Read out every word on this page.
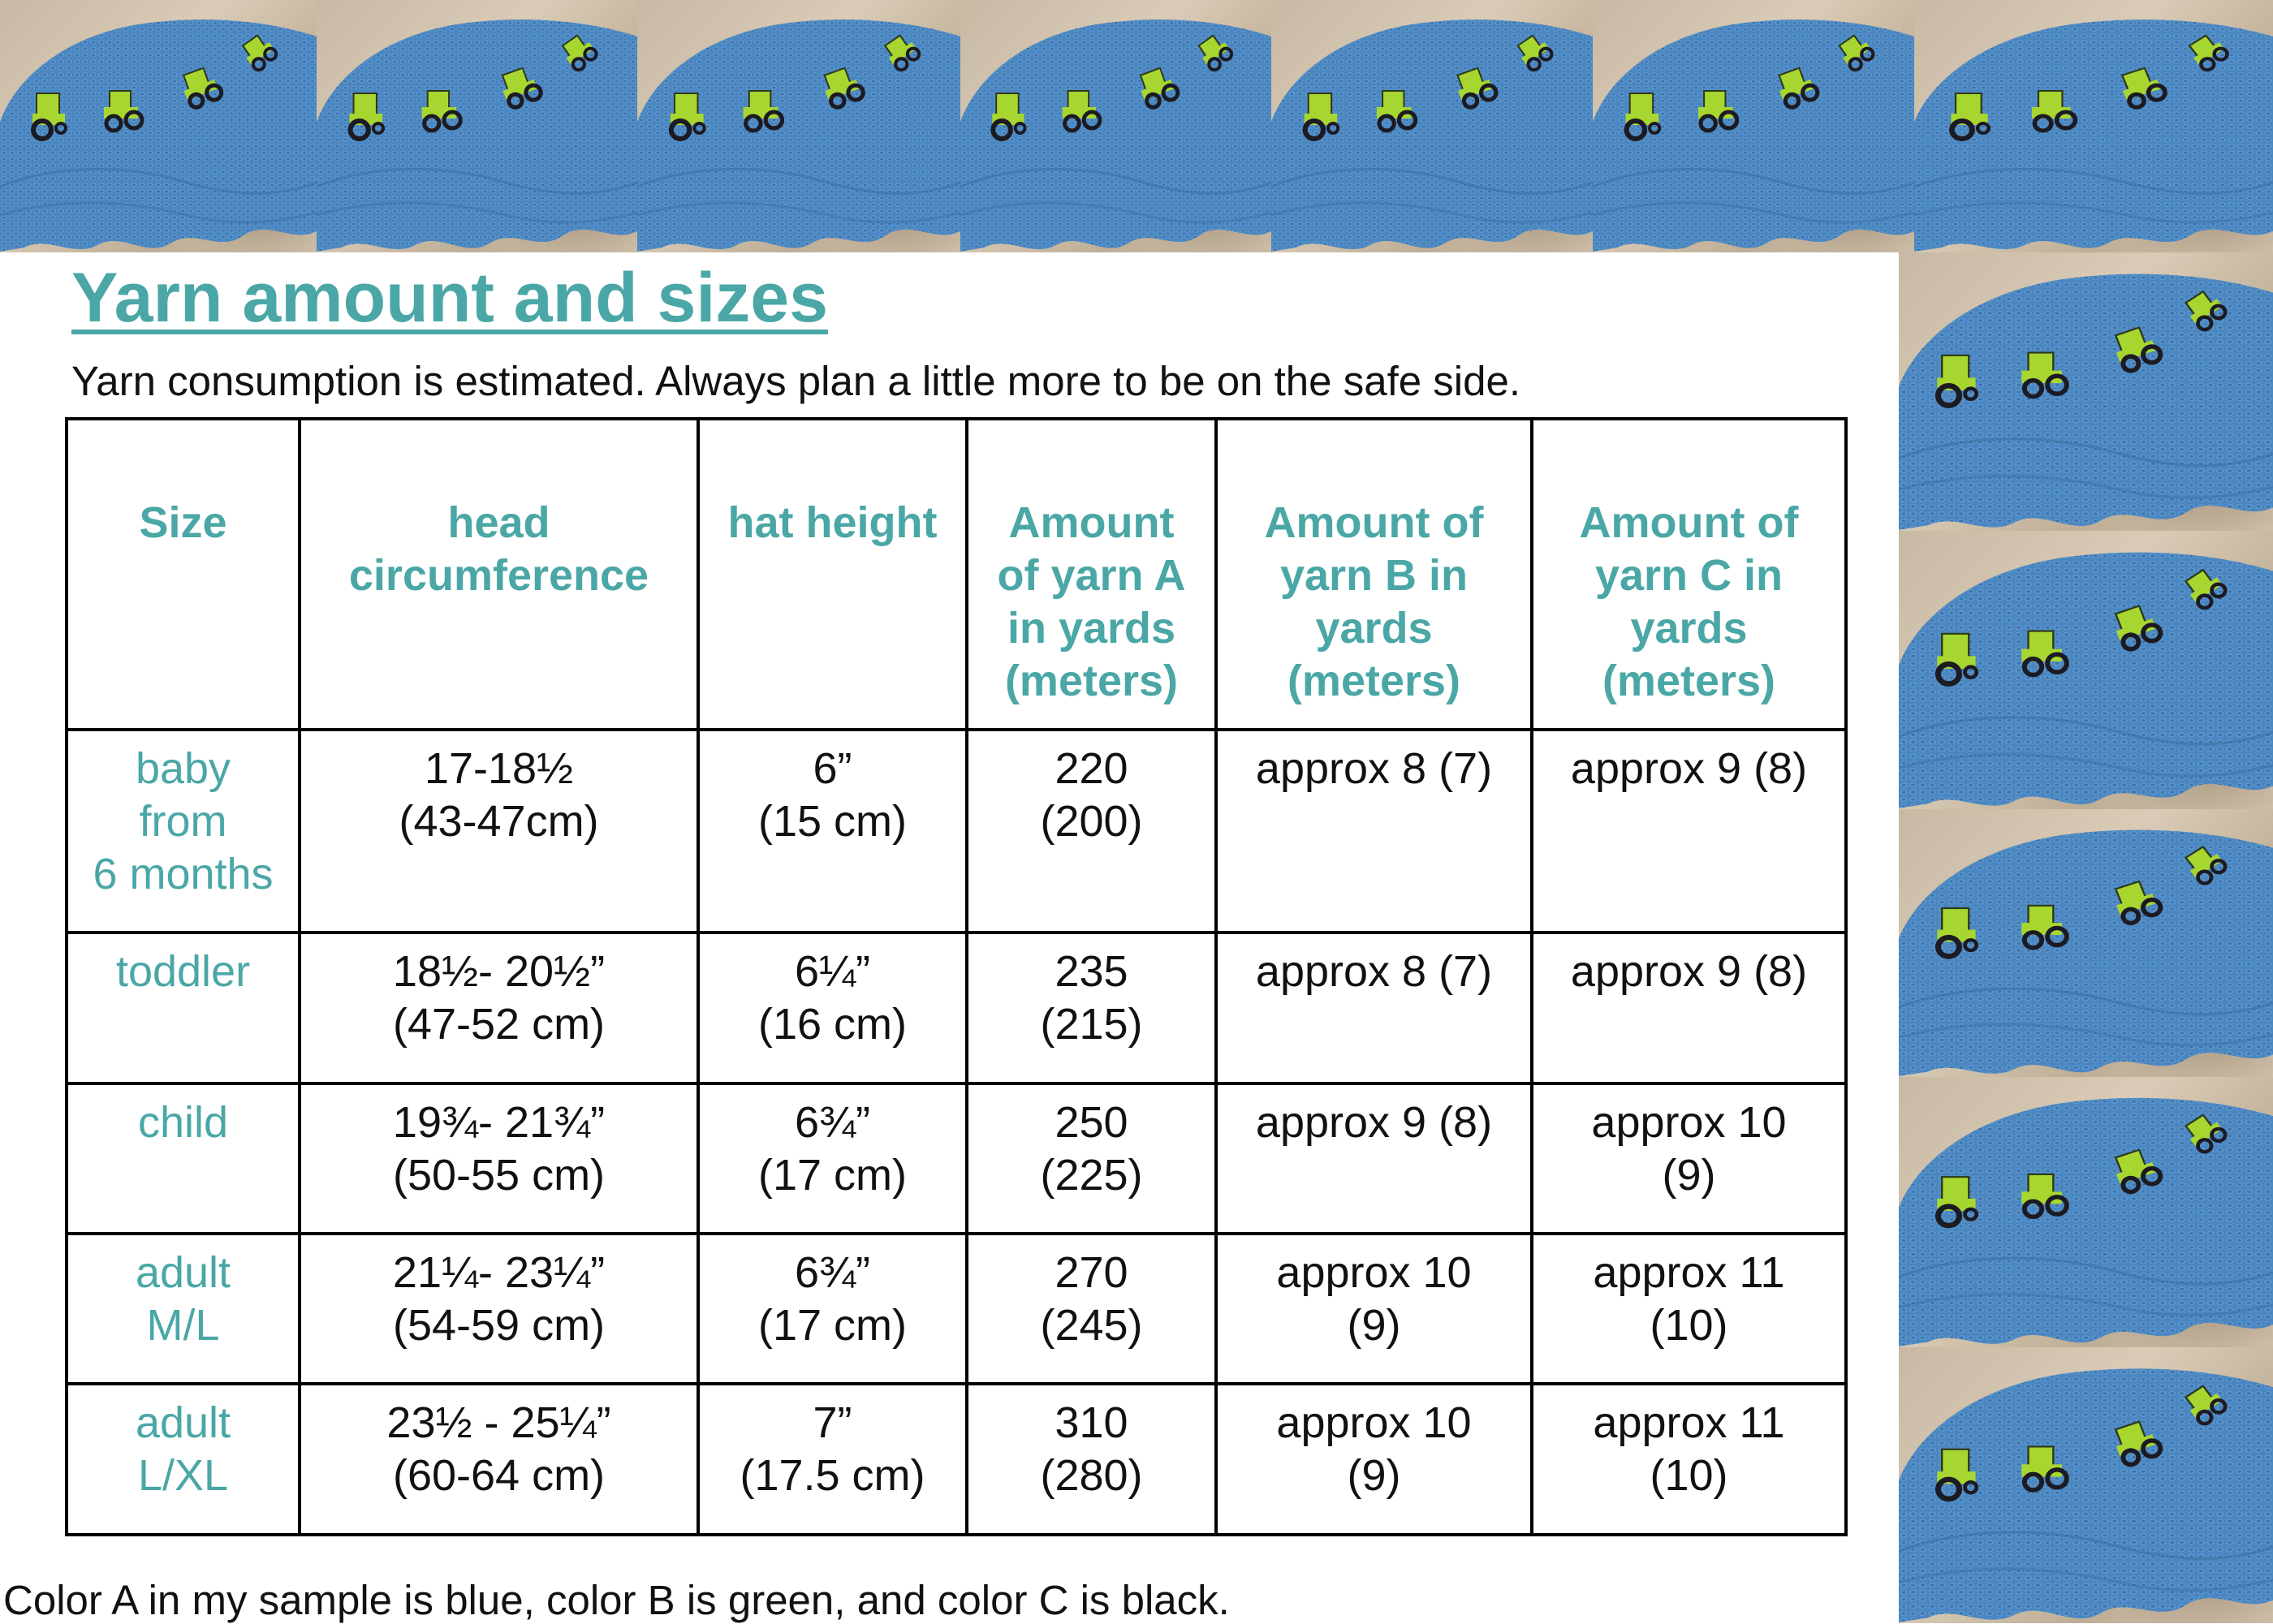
Yarn amount and sizes

Yarn consumption is estimated. Always plan a little more to be on the safe side.

Size	head
circumference	hat height	Amount
of yarn A
in yards
(meters)	Amount of
yarn B in
yards
(meters)	Amount of
yarn C in
yards
(meters)

baby
from
6 months	17-18½
(43-47cm)	6”
(15 cm)	220
(200)	approx 8 (7)	approx 9 (8)

toddler	18½- 20½”
(47-52 cm)	6¼”
(16 cm)	235
(215)	approx 8 (7)	approx 9 (8)

child	19¾- 21¾”
(50-55 cm)	6¾”
(17 cm)	250
(225)	approx 9 (8)	approx 10
(9)

adult
M/L	21¼- 23¼”
(54-59 cm)	6¾”
(17 cm)	270
(245)	approx 10
(9)	approx 11
(10)

adult
L/XL	23½ - 25¼”
(60-64 cm)	7”
(17.5 cm)	310
(280)	approx 10
(9)	approx 11
(10)

Color A in my sample is blue, color B is green, and color C is black.
